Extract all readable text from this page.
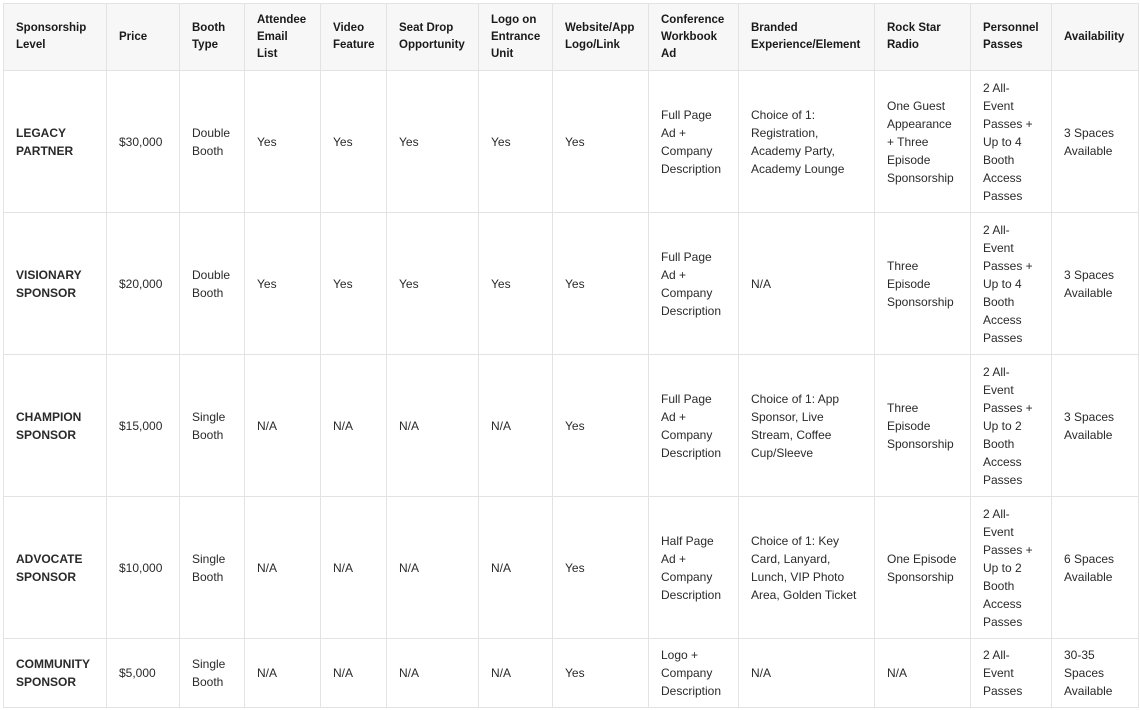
Sponsorship Level	Price	Booth Type	Attendee Email List	Video Feature	Seat Drop Opportunity	Logo on Entrance Unit	Website/App Logo/Link	Conference Workbook Ad	Branded Experience/Element	Rock Star Radio	Personnel Passes	Availability
LEGACY PARTNER	$30,000	Double Booth	Yes	Yes	Yes	Yes	Yes	Full Page Ad + Company Description	Choice of 1: Registration, Academy Party, Academy Lounge	One Guest Appearance + Three Episode Sponsorship	2 All-Event Passes + Up to 4 Booth Access Passes	3 Spaces Available
VISIONARY SPONSOR	$20,000	Double Booth	Yes	Yes	Yes	Yes	Yes	Full Page Ad + Company Description	N/A	Three Episode Sponsorship	2 All-Event Passes + Up to 4 Booth Access Passes	3 Spaces Available
CHAMPION SPONSOR	$15,000	Single Booth	N/A	N/A	N/A	N/A	Yes	Full Page Ad + Company Description	Choice of 1: App Sponsor, Live Stream, Coffee Cup/Sleeve	Three Episode Sponsorship	2 All-Event Passes + Up to 2 Booth Access Passes	3 Spaces Available
ADVOCATE SPONSOR	$10,000	Single Booth	N/A	N/A	N/A	N/A	Yes	Half Page Ad + Company Description	Choice of 1: Key Card, Lanyard, Lunch, VIP Photo Area, Golden Ticket	One Episode Sponsorship	2 All-Event Passes + Up to 2 Booth Access Passes	6 Spaces Available
COMMUNITY SPONSOR	$5,000	Single Booth	N/A	N/A	N/A	N/A	Yes	Logo + Company Description	N/A	N/A	2 All-Event Passes	30-35 Spaces Available
